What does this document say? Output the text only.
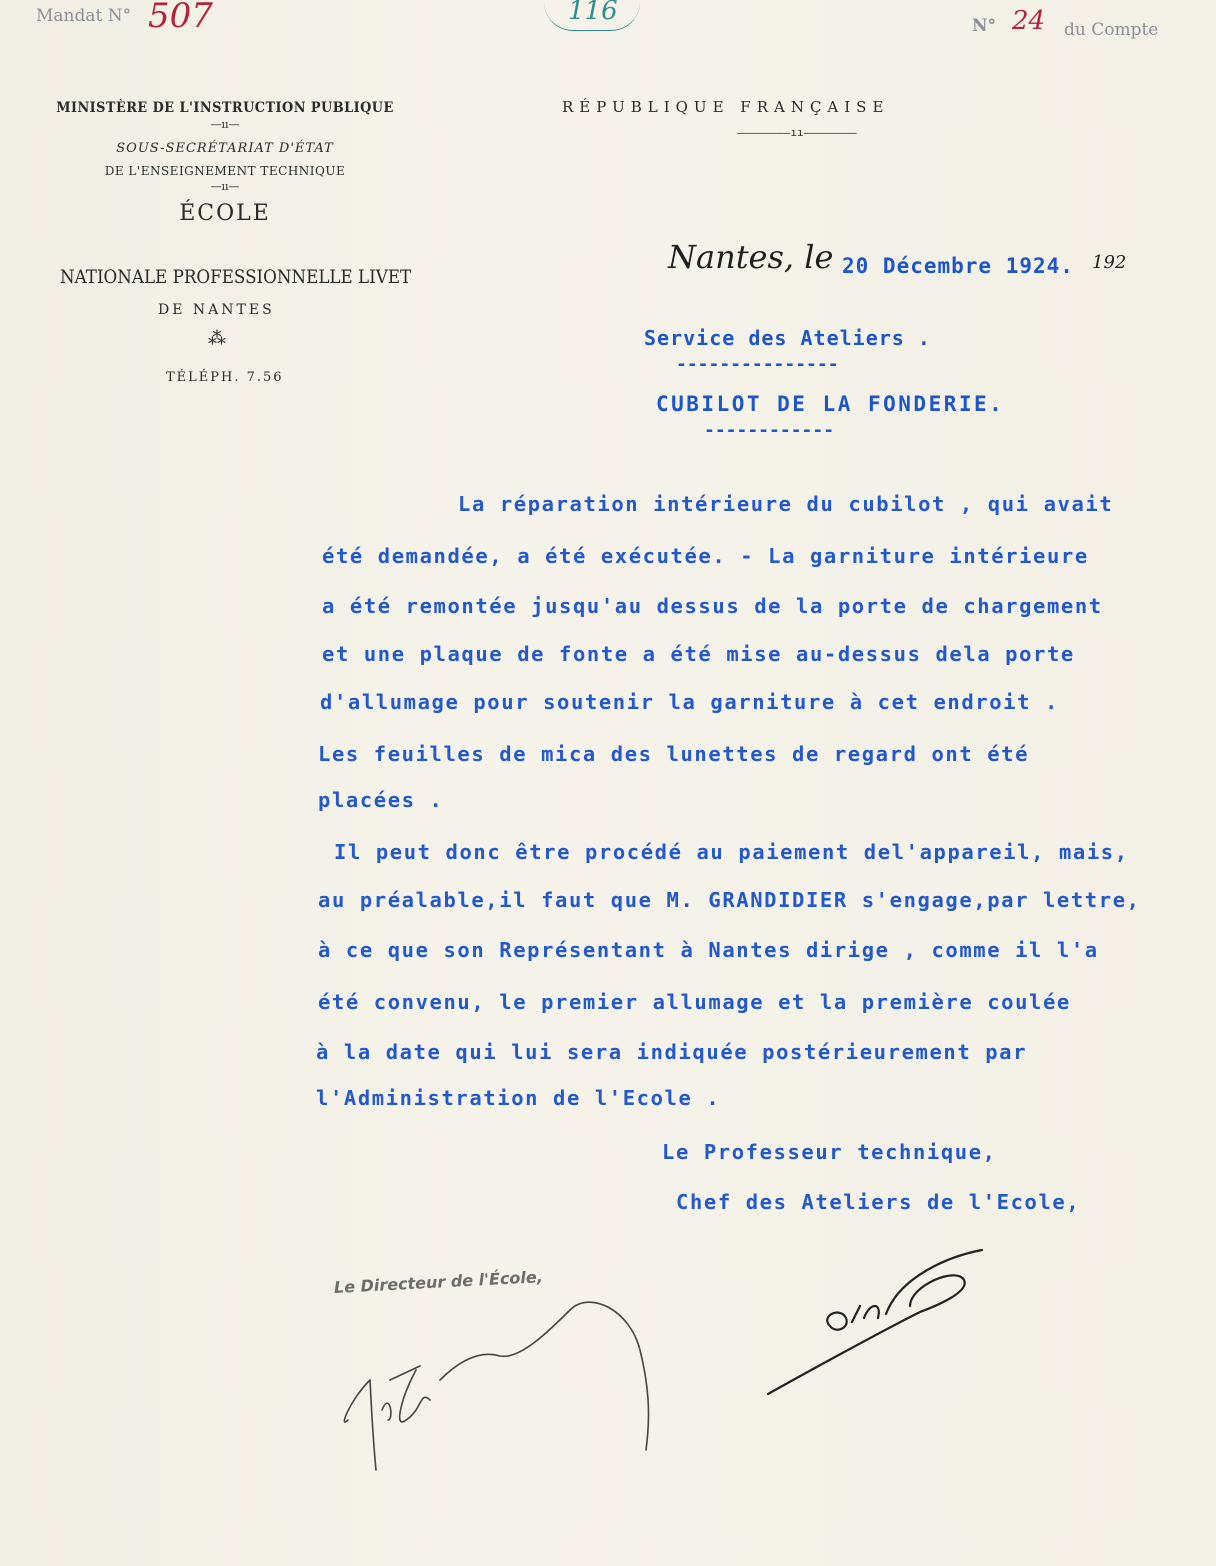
Mandat N° 507	116	N° 24 du Compte
MINISTÈRE DE L'INSTRUCTION PUBLIQUE
—ıı—
SOUS-SECRÉTARIAT D'ÉTAT
DE L'ENSEIGNEMENT TECHNIQUE
—ıı—
ÉCOLE
NATIONALE PROFESSIONNELLE LIVET
DE NANTES
⁂
TÉLÉPH. 7.56
RÉPUBLIQUE FRANÇAISE
————————ıı————————
Nantes, le 20 Décembre 1924. 192
Service des Ateliers .
---------------
CUBILOT DE LA FONDERIE.
------------
La réparation intérieure du cubilot , qui avait
été demandée, a été exécutée. - La garniture intérieure
a été remontée jusqu'au dessus de la porte de chargement
et une plaque de fonte a été mise au-dessus dela porte
d'allumage pour soutenir la garniture à cet endroit .
Les feuilles de mica des lunettes de regard ont été
placées .
Il peut donc être procédé au paiement del'appareil, mais,
au préalable,il faut que M. GRANDIDIER s'engage,par lettre,
à ce que son Représentant à Nantes dirige , comme il l'a
été convenu, le premier allumage et la première coulée
à la date qui lui sera indiquée postérieurement par
l'Administration de l'Ecole .
Le Professeur technique,
Chef des Ateliers de l'Ecole,
Le Directeur de l'École,
